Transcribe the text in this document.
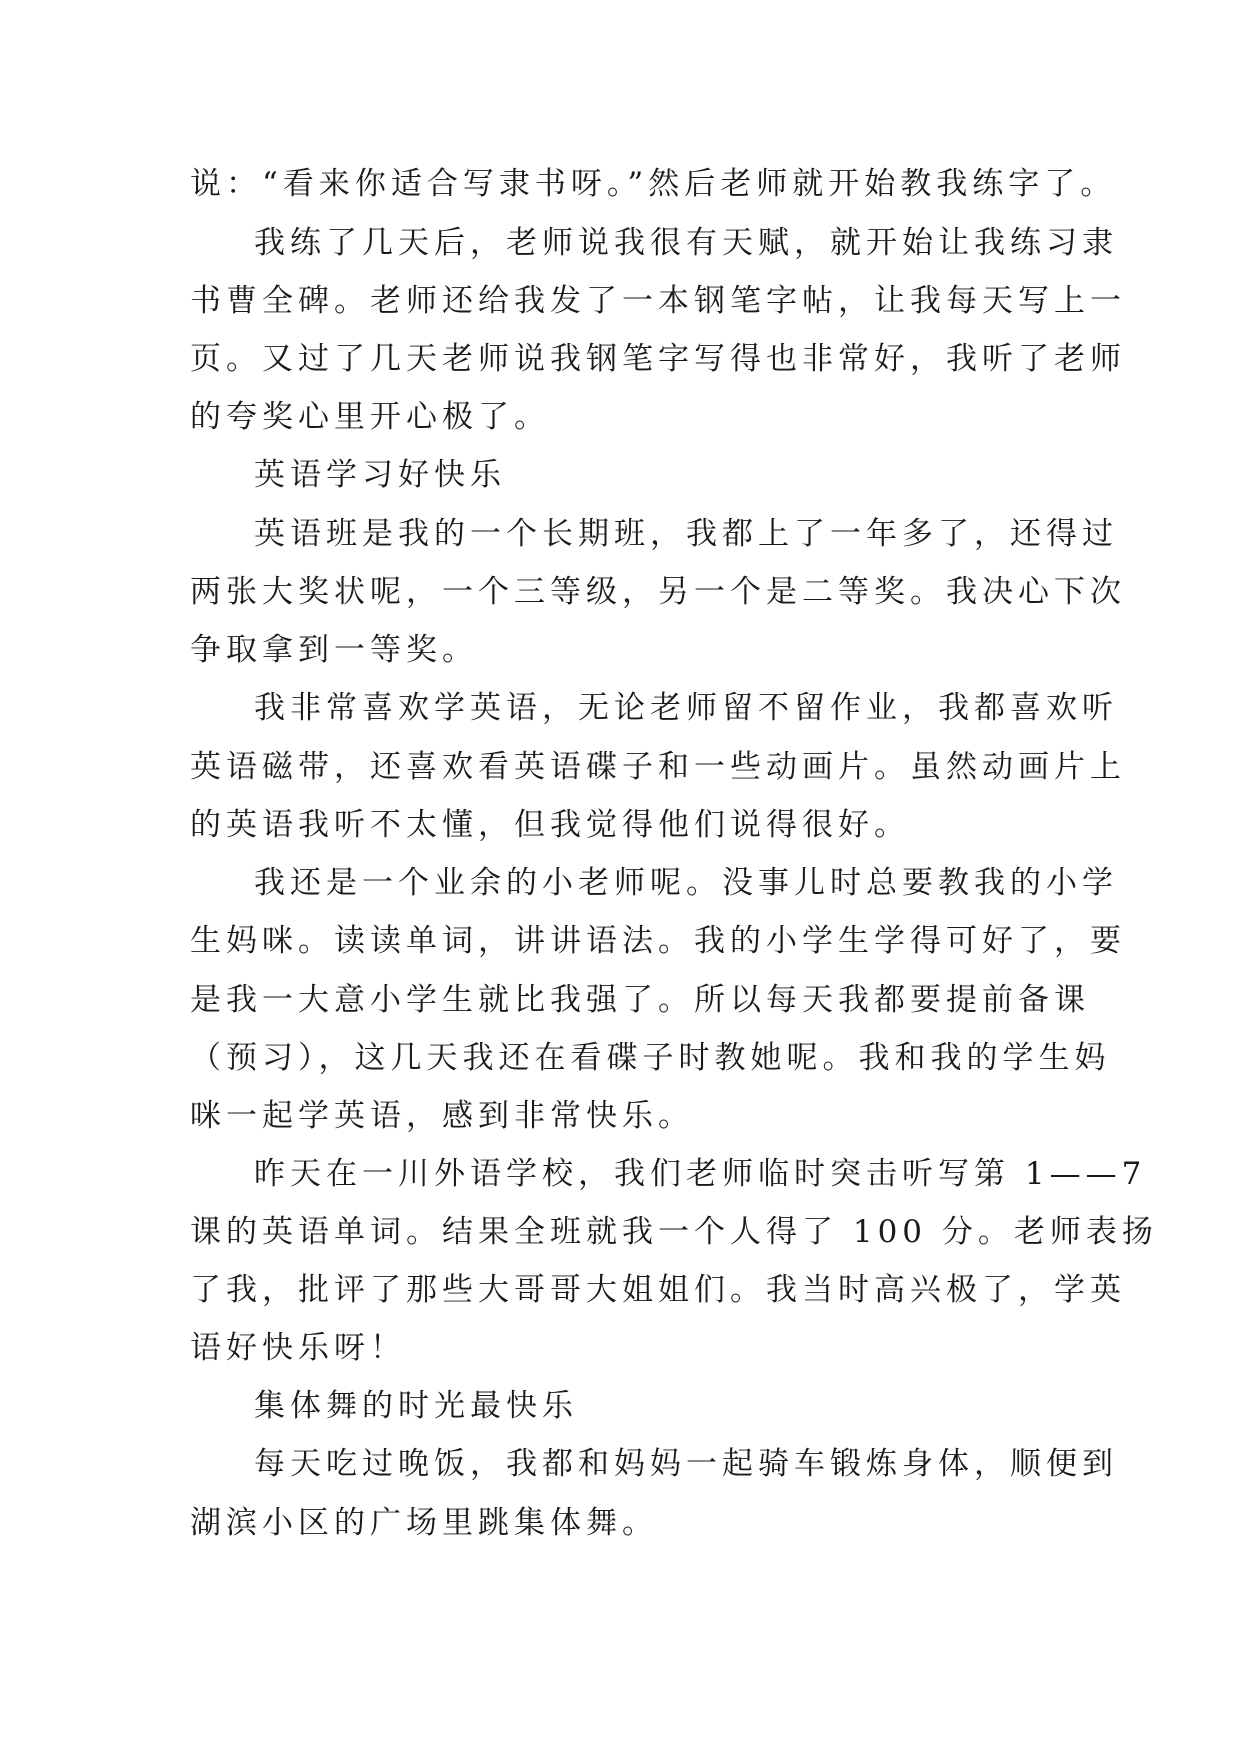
说：“看来你适合写隶书呀。”然后老师就开始教我练字了。

我练了几天后，老师说我很有天赋，就开始让我练习隶

书曹全碑。老师还给我发了一本钢笔字帖，让我每天写上一

页。又过了几天老师说我钢笔字写得也非常好，我听了老师

的夸奖心里开心极了。

英语学习好快乐

英语班是我的一个长期班，我都上了一年多了，还得过

两张大奖状呢，一个三等级，另一个是二等奖。我决心下次

争取拿到一等奖。

我非常喜欢学英语，无论老师留不留作业，我都喜欢听

英语磁带，还喜欢看英语碟子和一些动画片。虽然动画片上

的英语我听不太懂，但我觉得他们说得很好。

我还是一个业余的小老师呢。没事儿时总要教我的小学

生妈咪。读读单词，讲讲语法。我的小学生学得可好了，要

是我一大意小学生就比我强了。所以每天我都要提前备课

（预习），这几天我还在看碟子时教她呢。我和我的学生妈

咪一起学英语，感到非常快乐。

昨天在一川外语学校，我们老师临时突击听写第 1——7

课的英语单词。结果全班就我一个人得了 100 分。老师表扬

了我，批评了那些大哥哥大姐姐们。我当时高兴极了，学英

语好快乐呀！

集体舞的时光最快乐

每天吃过晚饭，我都和妈妈一起骑车锻炼身体，顺便到

湖滨小区的广场里跳集体舞。
